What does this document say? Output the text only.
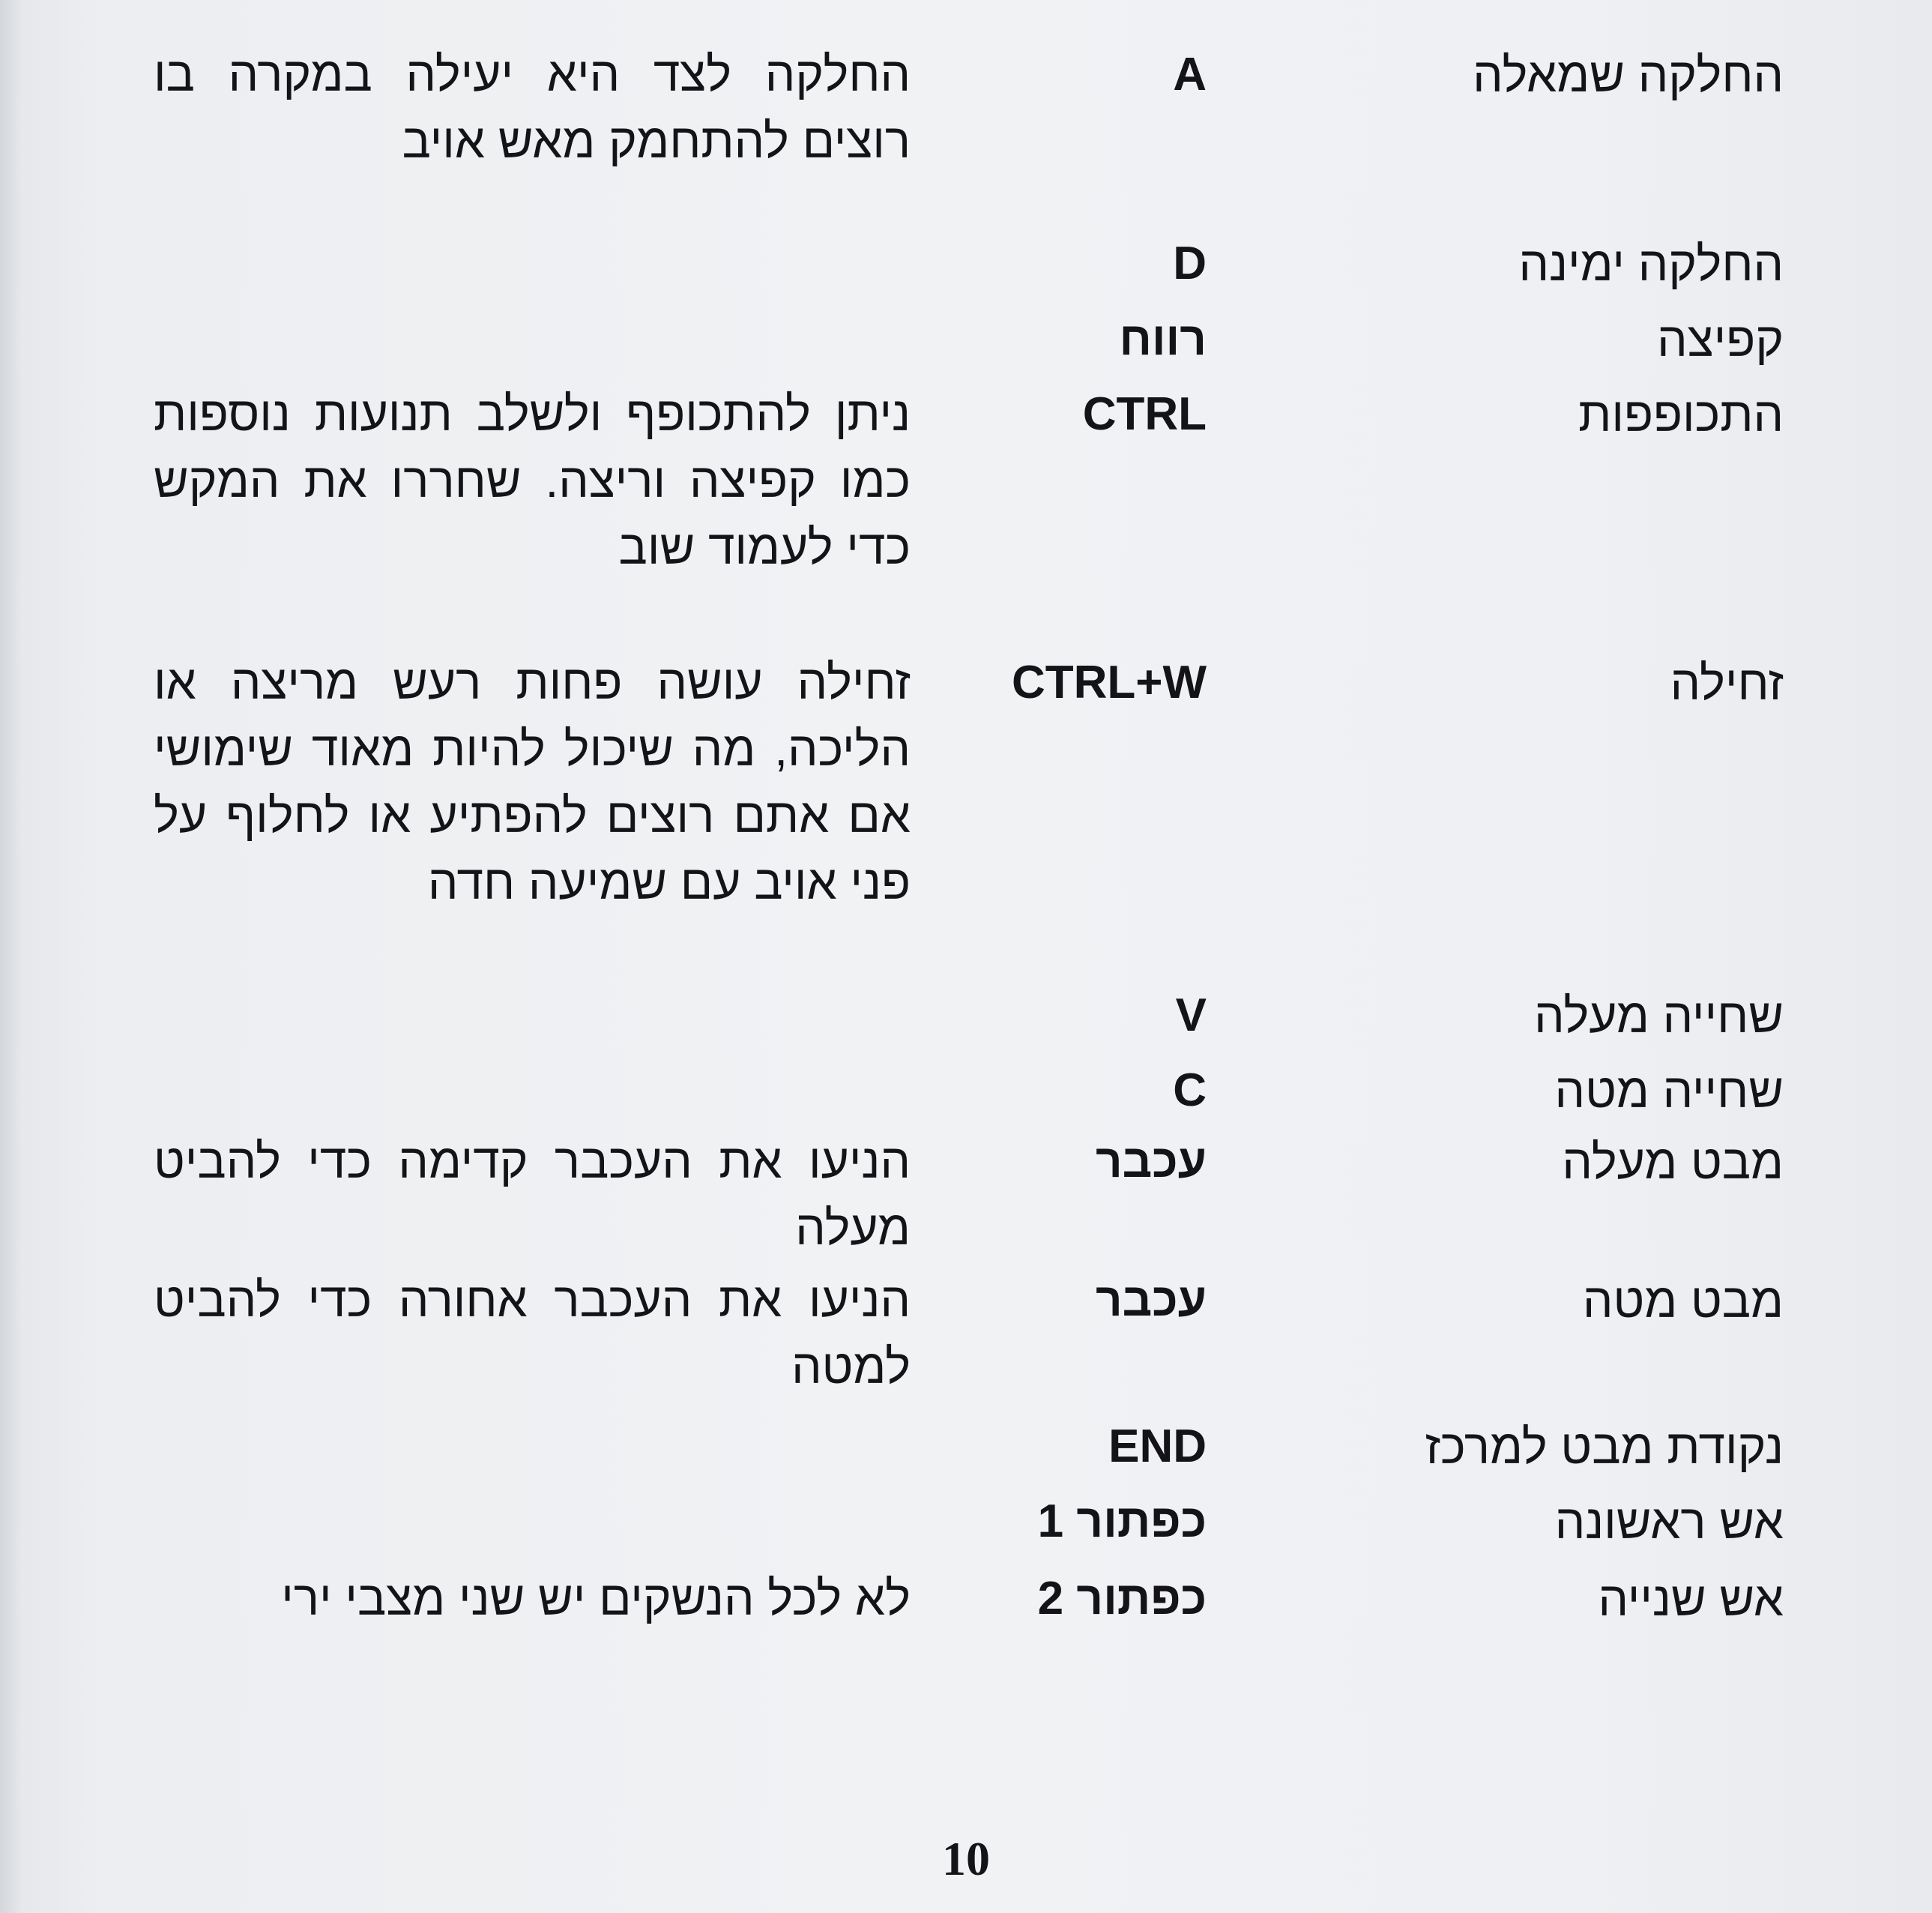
החלקה שמאלה
A
החלקה לצד היא יעילה במקרה בו רוצים להתחמק מאש אויב
החלקה ימינה
D
קפיצה
רווח
התכופפות
CTRL
ניתן להתכופף ולשלב תנועות נוספות כמו קפיצה וריצה. שחררו את המקש כדי לעמוד שוב
זחילה
CTRL+W
זחילה עושה פחות רעש מריצה או הליכה, מה שיכול להיות מאוד שימושי אם אתם רוצים להפתיע או לחלוף על פני אויב עם שמיעה חדה
שחייה מעלה
V
שחייה מטה
C
מבט מעלה
עכבר
הניעו את העכבר קדימה כדי להביט מעלה
מבט מטה
עכבר
הניעו את העכבר אחורה כדי להביט למטה
נקודת מבט למרכז
END
אש ראשונה
כפתור 1
אש שנייה
כפתור 2
לא לכל הנשקים יש שני מצבי ירי
10
